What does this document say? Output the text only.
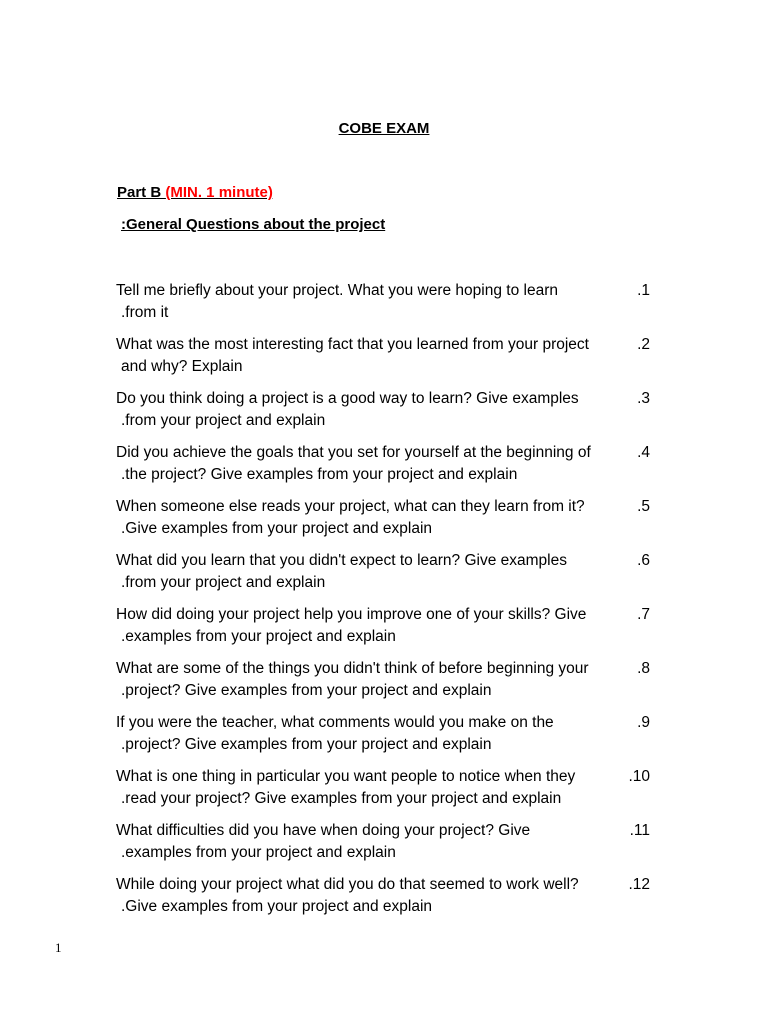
COBE EXAM
Part B (MIN. 1 minute)
:General Questions about the project
Tell me briefly about your project. What you were hoping to learn	.1
.from it
What was the most interesting fact that you learned from your project	.2
and why? Explain
Do you think doing a project is a good way to learn? Give examples	.3
.from your project and explain
Did you achieve the goals that you set for yourself at the beginning of	.4
.the project? Give examples from your project and explain
When someone else reads your project, what can they learn from it?	.5
.Give examples from your project and explain
What did you learn that you didn't expect to learn? Give examples	.6
.from your project and explain
How did doing your project help you improve one of your skills? Give	.7
.examples from your project and explain
What are some of the things you didn't think of before beginning your	.8
.project? Give examples from your project and explain
If you were the teacher, what comments would you make on the	.9
.project? Give examples from your project and explain
What is one thing in particular you want people to notice when they	.10
.read your project? Give examples from your project and explain
What difficulties did you have when doing your project? Give	.11
.examples from your project and explain
While doing your project what did you do that seemed to work well?	.12
.Give examples from your project and explain
1
